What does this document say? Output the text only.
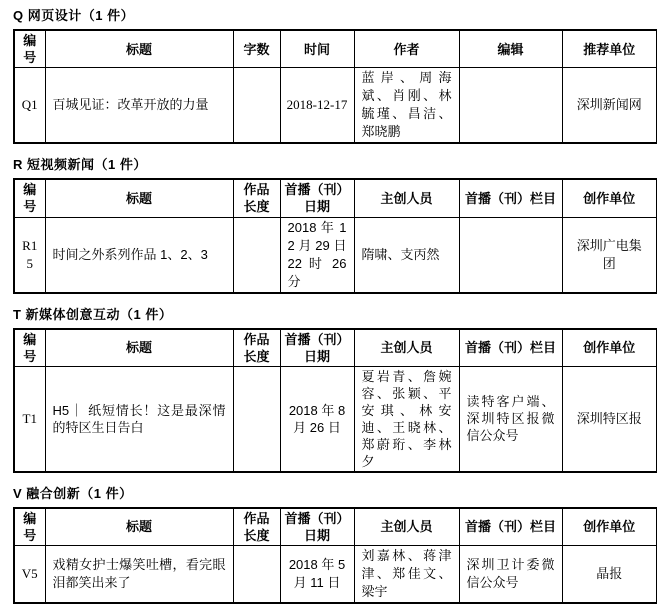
Q 网页设计（1 件）
编号	标题	字数	时间	作者	编辑	推荐单位
Q1	百城见证：改革开放的力量		2018-12-17	蓝岸、周海斌、肖刚、林毓瑾、昌洁、郑晓鹏		深圳新闻网
R 短视频新闻（1 件）
编号	标题	作品长度	首播（刊）日期	主创人员	首播（刊）栏目	创作单位
R15	时间之外系列作品 1、2、3		2018 年 12 月 29 日 22 时 26 分	隋啸、支丙然		深圳广电集团
T 新媒体创意互动（1 件）
编号	标题	作品长度	首播（刊）日期	主创人员	首播（刊）栏目	创作单位
T1	H5｜ 纸短情长！这是最深情的特区生日告白		2018 年 8 月 26 日	夏岩青、詹婉容、张颖、平安琪、林安迪、王晓林、郑蔚珩、李林夕	读特客户端、深圳特区报微信公众号	深圳特区报
V 融合创新（1 件）
编号	标题	作品长度	首播（刊）日期	主创人员	首播（刊）栏目	创作单位
V5	戏精女护士爆笑吐槽，看完眼泪都笑出来了		2018 年 5 月 11 日	刘嘉林、蒋津津、郑佳文、梁宇	深圳卫计委微信公众号	晶报
